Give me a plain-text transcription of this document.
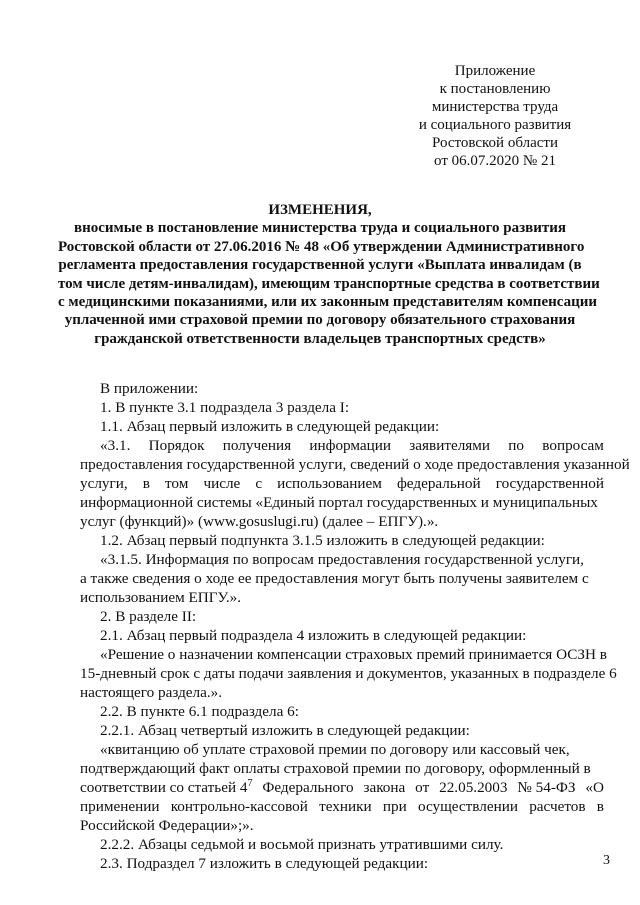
Приложение
к постановлению
министерства труда
и социального развития
Ростовской области
от 06.07.2020 № 21
ИЗМЕНЕНИЯ,
вносимые в постановление министерства труда и социального развития
Ростовской области от 27.06.2016 № 48 «Об утверждении Административного
регламента предоставления государственной услуги «Выплата инвалидам (в
том числе детям-инвалидам), имеющим транспортные средства в соответствии
с медицинскими показаниями, или их законным представителям компенсации
уплаченной ими страховой премии по договору обязательного страхования
гражданской ответственности владельцев транспортных средств»
В приложении:
1. В пункте 3.1 подраздела 3 раздела I:
1.1. Абзац первый изложить в следующей редакции:
«3.1. Порядок получения информации заявителями по вопросам
предоставления государственной услуги, сведений о ходе предоставления указанной
услуги, в том числе с использованием федеральной государственной
информационной системы «Единый портал государственных и муниципальных
услуг (функций)» (www.gosuslugi.ru) (далее – ЕПГУ).».
1.2. Абзац первый подпункта 3.1.5 изложить в следующей редакции:
«3.1.5. Информация по вопросам предоставления государственной услуги,
а также сведения о ходе ее предоставления могут быть получены заявителем с
использованием ЕПГУ.».
2. В разделе II:
2.1. Абзац первый подраздела 4 изложить в следующей редакции:
«Решение о назначении компенсации страховых премий принимается ОСЗН в
15-дневный срок с даты подачи заявления и документов, указанных в подразделе 6
настоящего раздела.».
2.2. В пункте 6.1 подраздела 6:
2.2.1. Абзац четвертый изложить в следующей редакции:
«квитанцию об уплате страховой премии по договору или кассовый чек,
подтверждающий факт оплаты страховой премии по договору, оформленный в
соответствии со статьей $4^7$ Федерального закона от 22.05.2003 № 54-ФЗ «О
применении контрольно-кассовой техники при осуществлении расчетов в
Российской Федерации»;».
2.2.2. Абзацы седьмой и восьмой признать утратившими силу.
2.3. Подраздел 7 изложить в следующей редакции:	3
